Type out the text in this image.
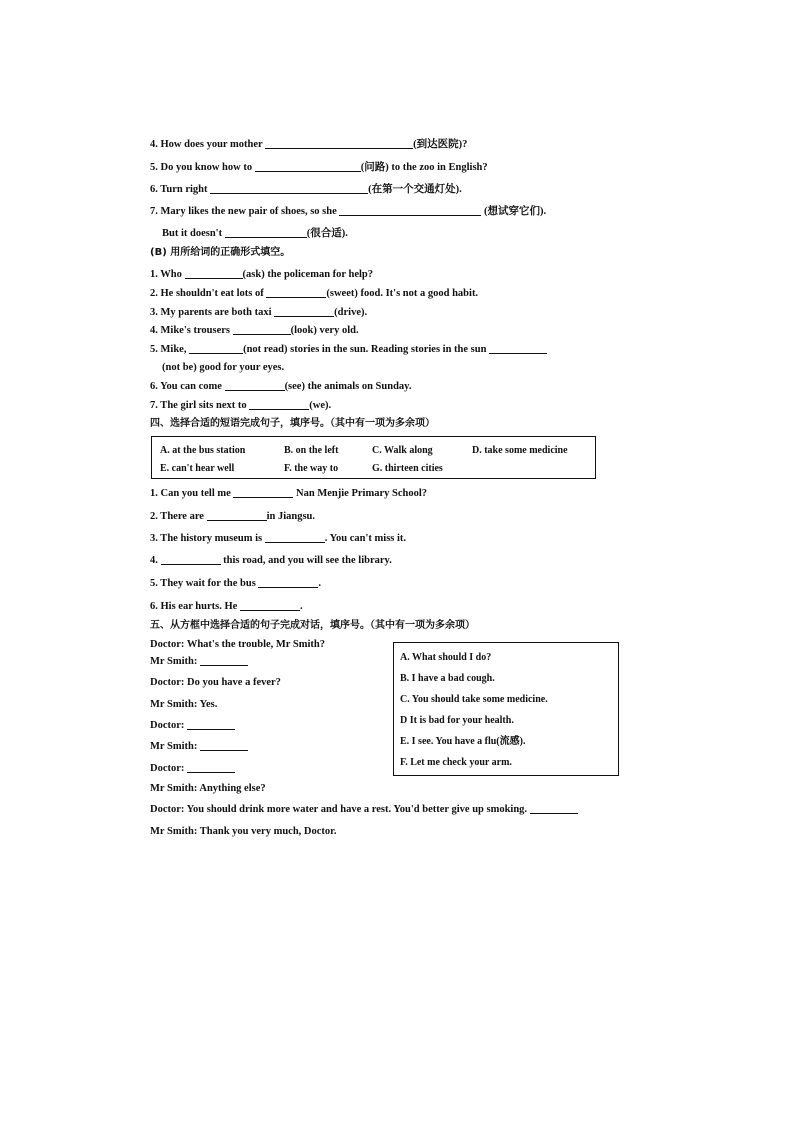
4. How does your mother	(到达医院)?
5. Do you know how to	(问路) to the zoo in English?
6. Turn right	(在第一个交通灯处).
7. Mary likes the new pair of shoes, so she	(想试穿它们).
But it doesn't	(很合适).
(B) 用所给词的正确形式填空。
1. Who	(ask) the policeman for help?
2. He shouldn't eat lots of	(sweet) food. It's not a good habit.
3. My parents are both taxi	(drive).
4. Mike's trousers	(look) very old.
5. Mike,	(not read) stories in the sun. Reading stories in the sun
(not be) good for your eyes.
6. You can come	(see) the animals on Sunday.
7. The girl sits next to	(we).
四、选择合适的短语完成句子，填序号。（其中有一项为多余项）
A. at the bus station	B. on the left	C. Walk along	D. take some medicine
E. can't hear well	F. the way to	G. thirteen cities
1. Can you tell me	Nan Menjie Primary School?
2. There are	in Jiangsu.
3. The history museum is	. You can't miss it.
4.	this road, and you will see the library.
5. They wait for the bus	.
6. His ear hurts. He	.
五、从方框中选择合适的句子完成对话，填序号。（其中有一项为多余项）
A. What should I do?
B. I have a bad cough.
C. You should take some medicine.
D It is bad for your health.
E. I see. You have a flu(流感).
F. Let me check your arm.
Doctor: What's the trouble, Mr Smith?
Mr Smith:
Doctor: Do you have a fever?
Mr Smith: Yes.
Doctor:
Mr Smith:
Doctor:
Mr Smith: Anything else?
Doctor: You should drink more water and have a rest. You'd better give up smoking.
Mr Smith: Thank you very much, Doctor.
